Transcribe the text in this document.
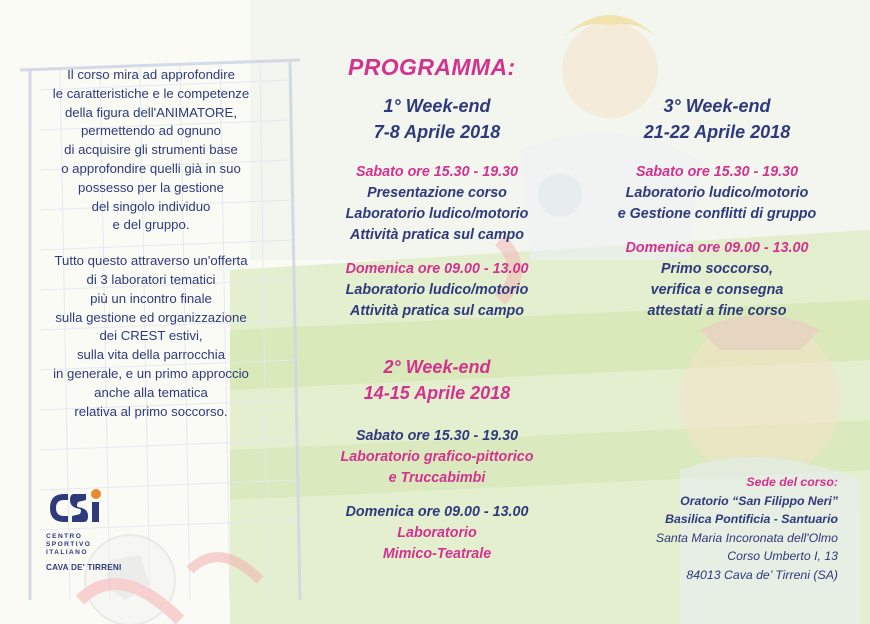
Il corso mira ad approfondire
le caratteristiche e le competenze
della figura dell'ANIMATORE,
permettendo ad ognuno
di acquisire gli strumenti base
o approfondire quelli già in suo
possesso per la gestione
del singolo individuo
e del gruppo.

Tutto questo attraverso un'offerta
di 3 laboratori tematici
più un incontro finale
sulla gestione ed organizzazione
dei CREST estivi,
sulla vita della parrocchia
in generale, e un primo approccio
anche alla tematica
relativa al primo soccorso.

PROGRAMMA:
1° Week-end
7-8 Aprile 2018
Sabato ore 15.30 - 19.30
Presentazione corso
Laboratorio ludico/motorio
Attività pratica sul campo
Domenica ore 09.00 - 13.00
Laboratorio ludico/motorio
Attività pratica sul campo
2° Week-end
14-15 Aprile 2018
Sabato ore 15.30 - 19.30
Laboratorio grafico-pittorico
e Truccabimbi
Domenica ore 09.00 - 13.00
Laboratorio
Mimico-Teatrale
3° Week-end
21-22 Aprile 2018
Sabato ore 15.30 - 19.30
Laboratorio ludico/motorio
e Gestione conflitti di gruppo
Domenica ore 09.00 - 13.00
Primo soccorso,
verifica e consegna
attestati a fine corso
Sede del corso:
Oratorio “San Filippo Neri”
Basilica Pontificia - Santuario
Santa Maria Incoronata dell'Olmo
Corso Umberto I, 13
84013 Cava de’ Tirreni (SA)
CENTRO
SPORTIVO
ITALIANO
CAVA DE' TIRRENI
